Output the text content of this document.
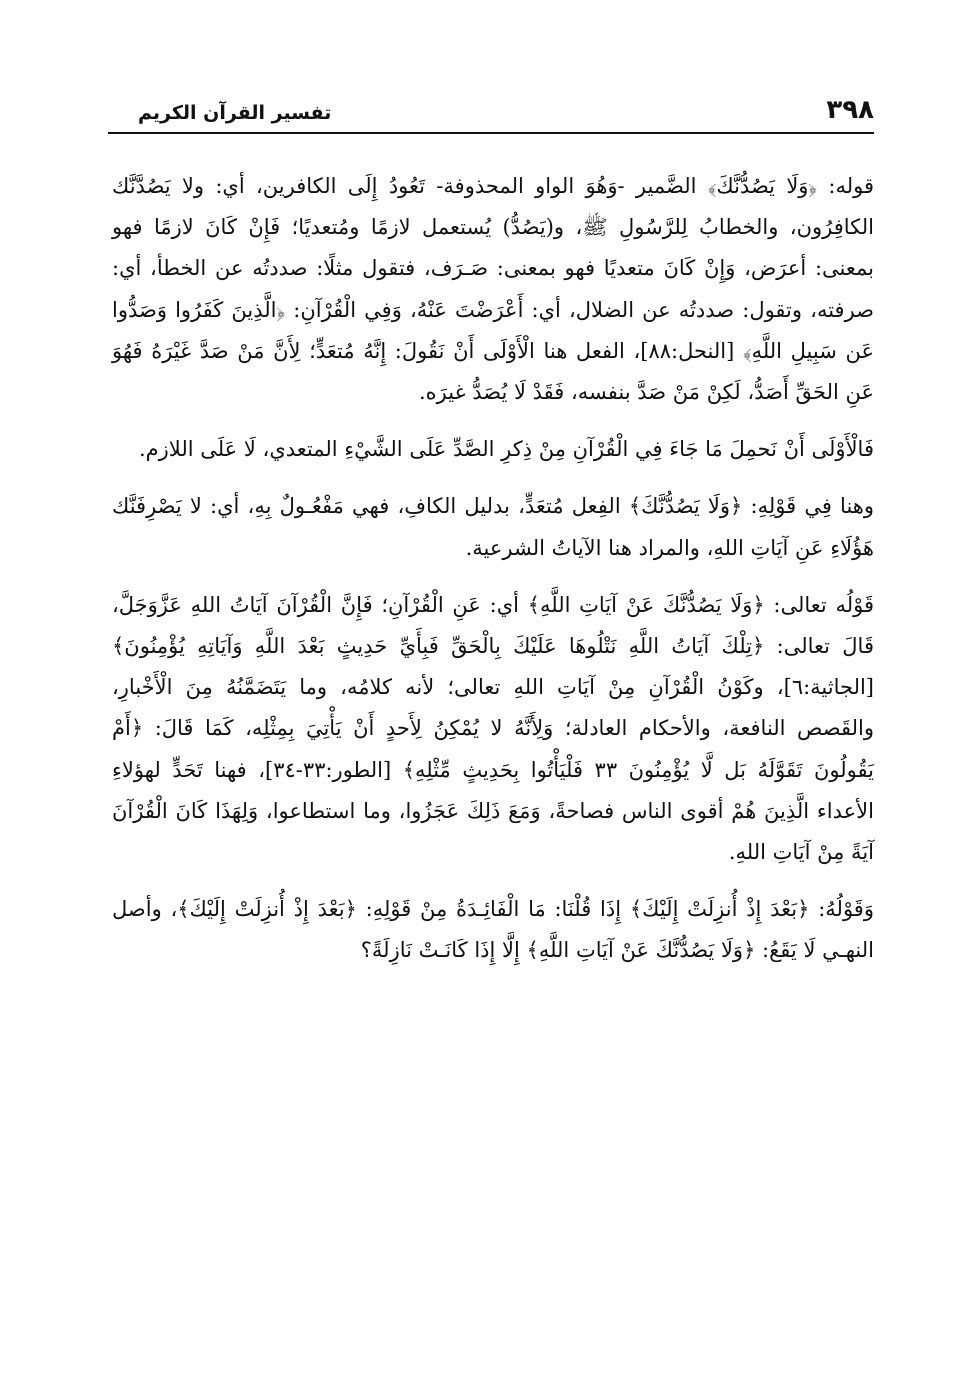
٣٩٨
تفسير القرآن الكريم

قوله: ﴿وَلَا يَصُدُّنَّكَ﴾ الضَّمير -وَهُوَ الواو المحذوفة- تَعُودُ إِلَى الكافرين، أي: ولا يَصُدَّنَّك الكافِرُون، والخطابُ لِلرَّسُولِ ﷺ، و(يَصُدُّ) يُستعمل لازمًا ومُتعديًا؛ فَإِنْ كَانَ لازمًا فهو بمعنى: أعرَض، وَإِنْ كَانَ متعديًا فهو بمعنى: صَـرَف، فتقول مثلًا: صددتُه عن الخطأ، أي: صرفته، وتقول: صددتُه عن الضلال، أي: أَعْرَضْتَ عَنْهُ، وَفِي الْقُرْآنِ: ﴿الَّذِينَ كَفَرُوا وَصَدُّوا عَن سَبِيلِ اللَّهِ﴾ [النحل:٨٨]، الفعل هنا الْأَوْلَى أَنْ نَقُولَ: إِنَّهُ مُتعَدٍّ؛ لِأَنَّ مَنْ صَدَّ غَيْرَهُ فَهُوَ عَنِ الحَقِّ أَصَدُّ، لَكِنْ مَنْ صَدَّ بنفسه، فَقَدْ لَا يُصَدُّ غيرَه.

فَالْأَوْلَى أَنْ نَحمِلَ مَا جَاءَ فِي الْقُرْآنِ مِنْ ذِكرِ الصَّدِّ عَلَى الشَّيْءِ المتعدي، لَا عَلَى اللازم.

وهنا فِي قَوْلِهِ: ﴿وَلَا يَصُدُّنَّكَ﴾ الفِعل مُتعَدٍّ، بدليل الكافِ، فهي مَفْعُـولٌ بِهِ، أي: لا يَصْرِفَنَّك هَؤُلَاءِ عَنِ آيَاتِ اللهِ، والمراد هنا الآياتُ الشرعية.

قَوْلُه تعالى: ﴿وَلَا يَصُدُّنَّكَ عَنْ آيَاتِ اللَّهِ﴾ أي: عَنِ الْقُرْآنِ؛ فَإِنَّ الْقُرْآنَ آيَاتُ اللهِ عَزَّوَجَلَّ، قَالَ تعالى: ﴿تِلْكَ آيَاتُ اللَّهِ نَتْلُوهَا عَلَيْكَ بِالْحَقِّ فَبِأَيِّ حَدِيثٍ بَعْدَ اللَّهِ وَآيَاتِهِ يُؤْمِنُونَ﴾ [الجاثية:٦]، وكَوْنُ الْقُرْآنِ مِنْ آيَاتِ اللهِ تعالى؛ لأنه كلامُه، وما يَتَضَمَّنُهُ مِنَ الْأَخْبارِ، والقَصص النافعة، والأحكام العادلة؛ وَلِأَنَّهُ لا يُمْكِنُ لِأَحدٍ أَنْ يَأْتِيَ بِمِثْلِه، كَمَا قَالَ: ﴿أَمْ يَقُولُونَ تَقَوَّلَهُ بَل لَّا يُؤْمِنُونَ ٣٣ فَلْيَأْتُوا بِحَدِيثٍ مِّثْلِهِ﴾ [الطور:٣٣-٣٤]، فهنا تَحَدٍّ لهؤلاءِ الأعداء الَّذِينَ هُمْ أقوى الناس فصاحةً، وَمَعَ ذَلِكَ عَجَزُوا، وما استطاعوا، وَلِهَذَا كَانَ الْقُرْآنَ آيَةً مِنْ آيَاتِ اللهِ.

وَقَوْلُهُ: ﴿بَعْدَ إِذْ أُنزِلَتْ إِلَيْكَ﴾ إِذَا قُلْنَا: مَا الْفَائِـدَةُ مِنْ قَوْلِهِ: ﴿بَعْدَ إِذْ أُنزِلَتْ إِلَيْكَ﴾، وأصل النهـي لَا يَقَعُ: ﴿وَلَا يَصُدُّنَّكَ عَنْ آيَاتِ اللَّهِ﴾ إِلَّا إِذَا كَانَـتْ نَازِلَةً؟
